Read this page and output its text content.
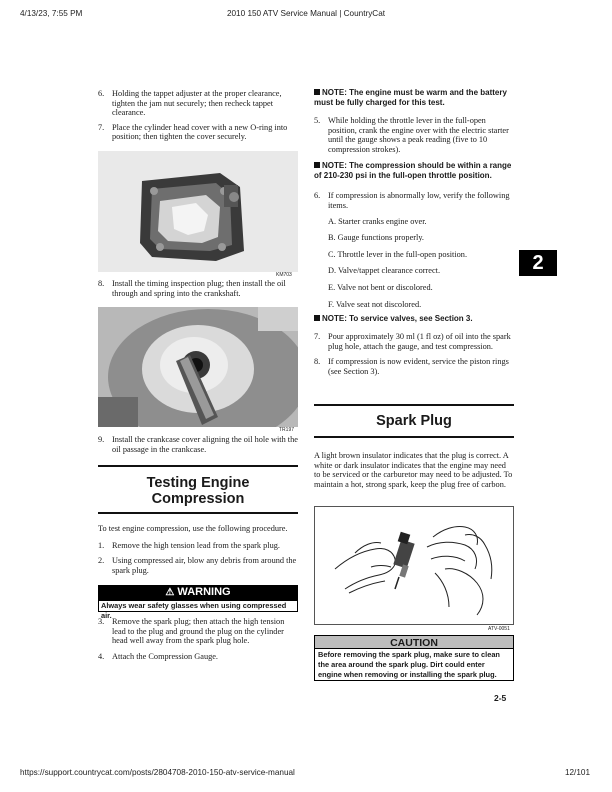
4/13/23, 7:55 PM	2010 150 ATV Service Manual | CountryCat
https://support.countrycat.com/posts/2804708-2010-150-atv-service-manual	12/101
6. Holding the tappet adjuster at the proper clearance, tighten the jam nut securely; then recheck tappet clearance.
7. Place the cylinder head cover with a new O-ring into position; then tighten the cover securely.
KM703
8. Install the timing inspection plug; then install the oil through and spring into the crankshaft.
TR197
9. Install the crankcase cover aligning the oil hole with the oil passage in the crankcase.
Testing Engine
Compression
To test engine compression, use the following procedure.
1. Remove the high tension lead from the spark plug.
2. Using compressed air, blow any debris from around the spark plug.
⚠ WARNING
Always wear safety glasses when using compressed air.
3. Remove the spark plug; then attach the high tension lead to the plug and ground the plug on the cylinder head well away from the spark plug hole.
4. Attach the Compression Gauge.
NOTE: The engine must be warm and the battery must be fully charged for this test.
5. While holding the throttle lever in the full-open position, crank the engine over with the electric starter until the gauge shows a peak reading (five to 10 compression strokes).
NOTE: The compression should be within a range of 210-230 psi in the full-open throttle position.
6. If compression is abnormally low, verify the following items.
A. Starter cranks engine over.
B. Gauge functions properly.
C. Throttle lever in the full-open position.
D. Valve/tappet clearance correct.
E. Valve not bent or discolored.
F. Valve seat not discolored.
NOTE: To service valves, see Section 3.
7. Pour approximately 30 ml (1 fl oz) of oil into the spark plug hole, attach the gauge, and test compression.
8. If compression is now evident, service the piston rings (see Section 3).
Spark Plug
A light brown insulator indicates that the plug is correct. A white or dark insulator indicates that the engine may need to be serviced or the carburetor may need to be adjusted. To maintain a hot, strong spark, keep the plug free of carbon.
ATV-0051
CAUTION
Before removing the spark plug, make sure to clean the area around the spark plug. Dirt could enter engine when removing or installing the spark plug.
2-5
2
